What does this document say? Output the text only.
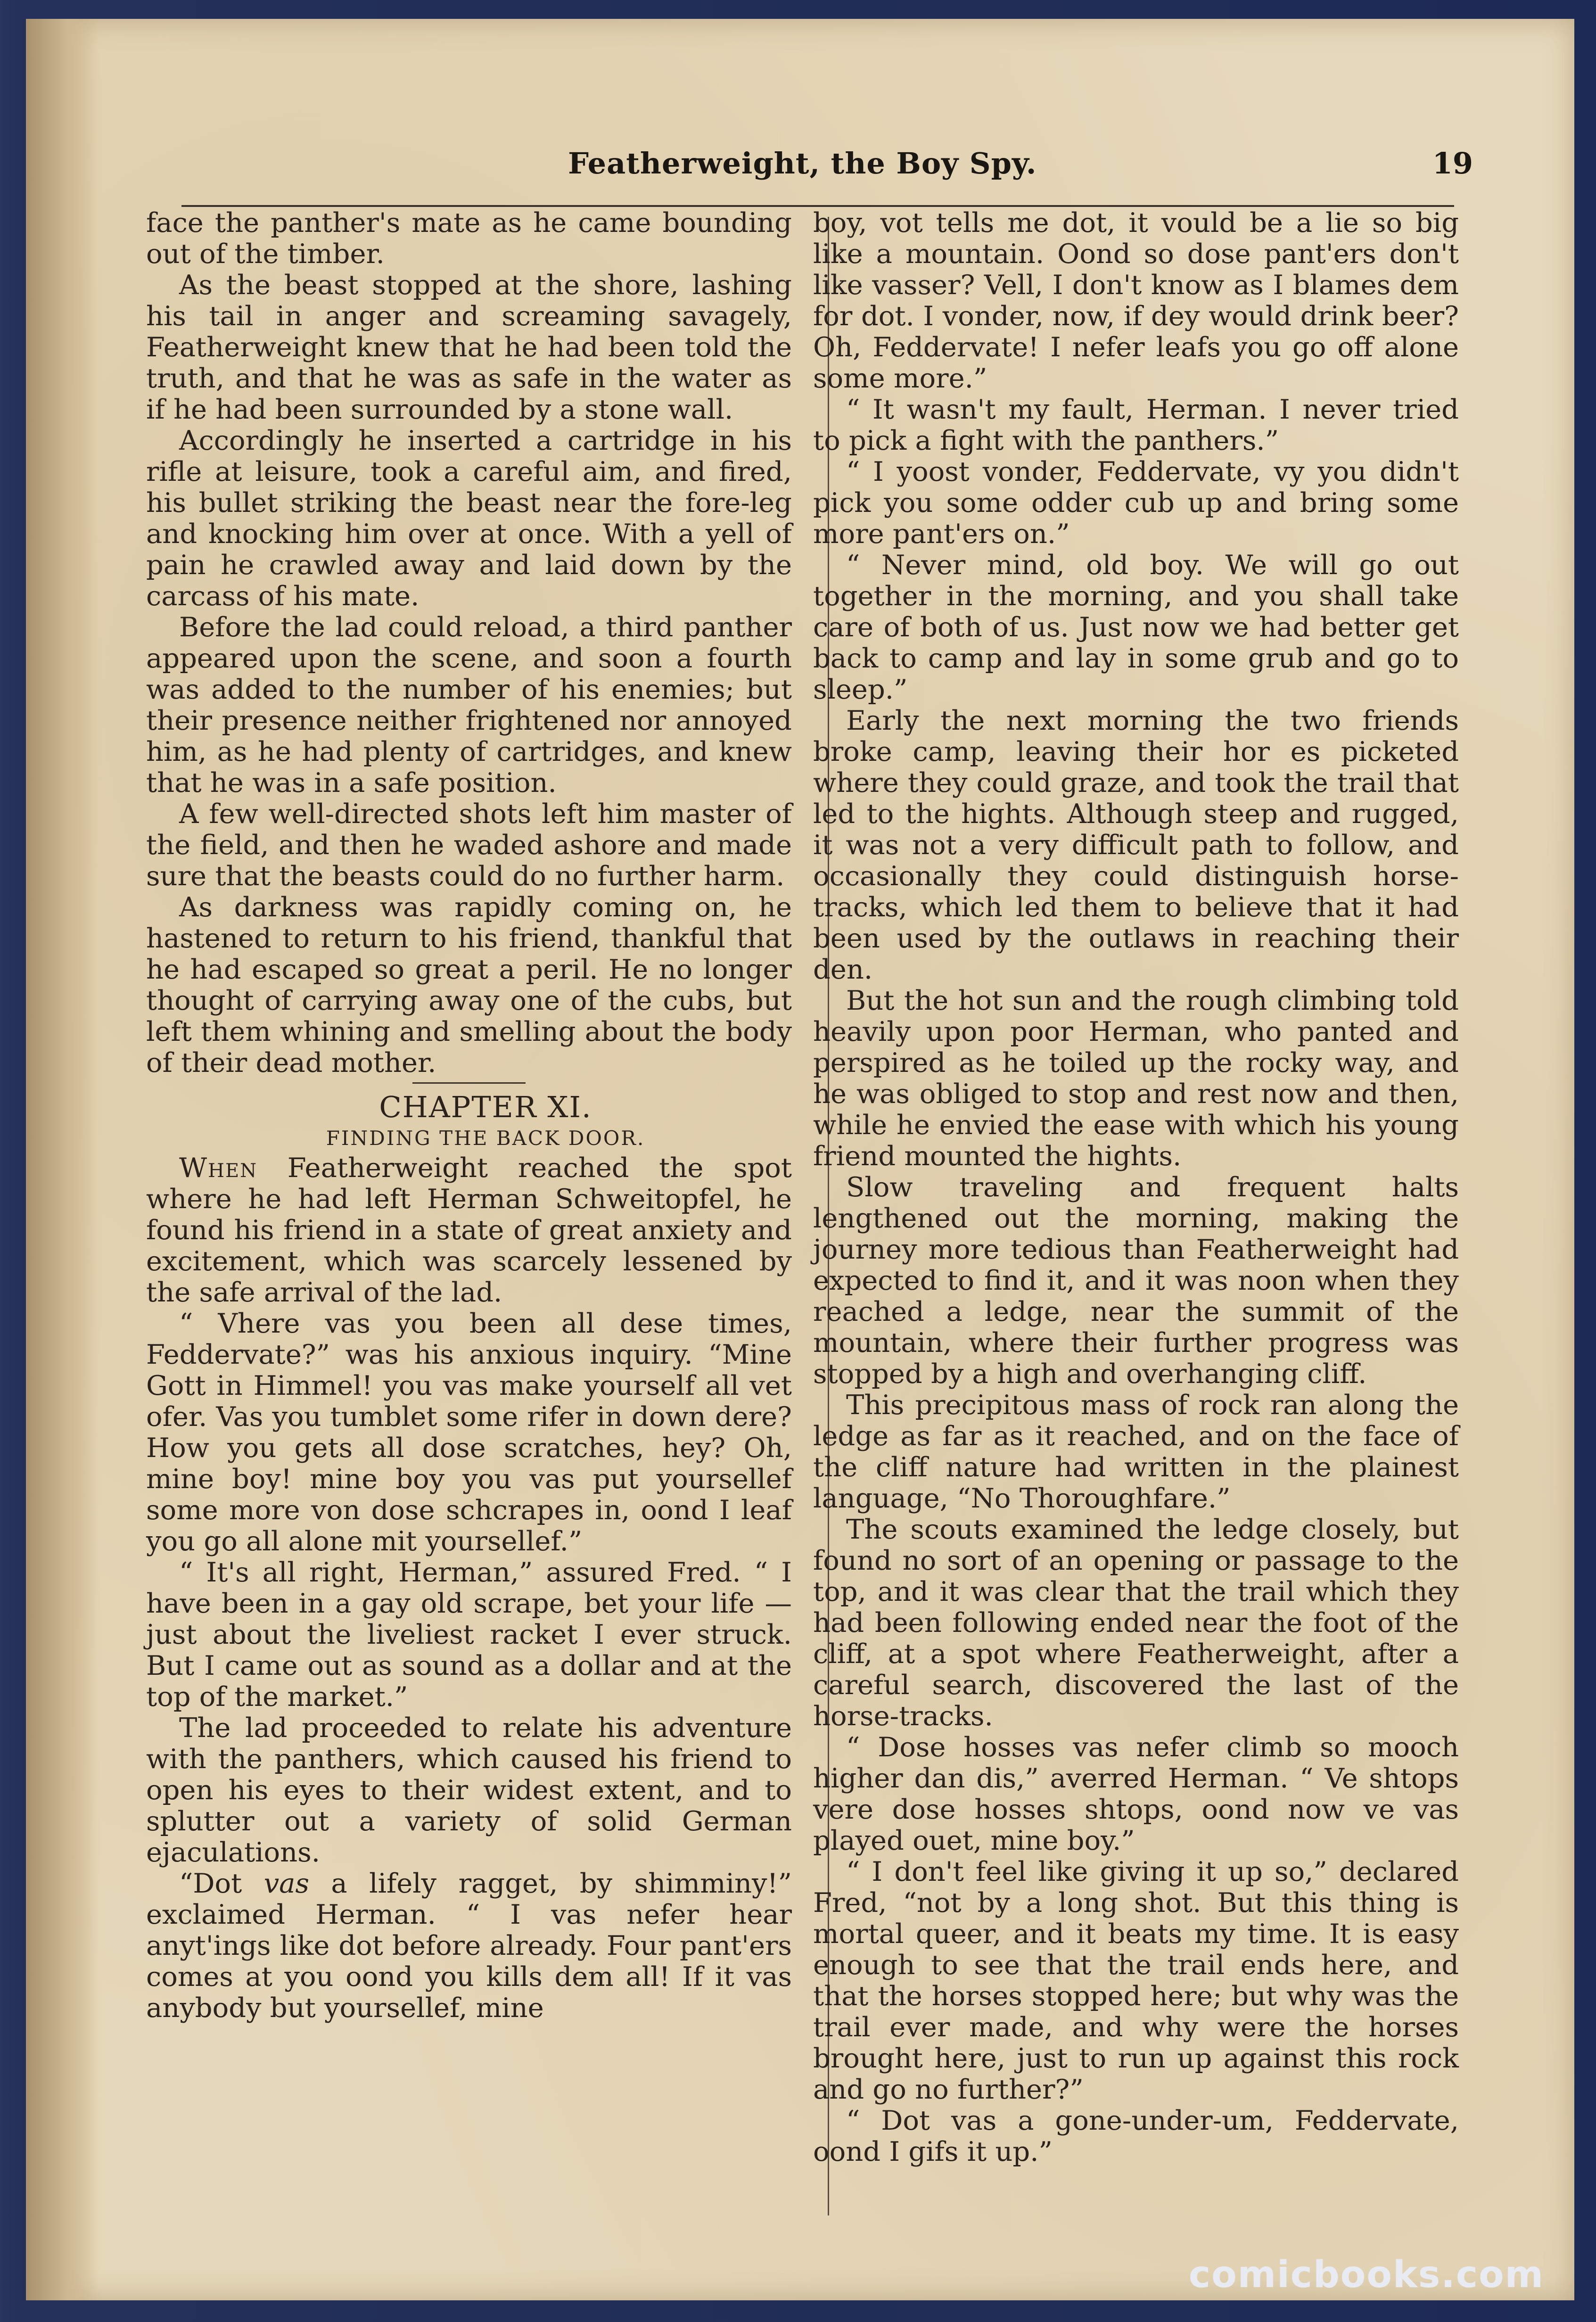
Featherweight, the Boy Spy.	19

face the panther's mate as he came bounding out of the timber.

As the beast stopped at the shore, lashing his tail in anger and screaming savagely, Featherweight knew that he had been told the truth, and that he was as safe in the water as if he had been surrounded by a stone wall.

Accordingly he inserted a cartridge in his rifle at leisure, took a careful aim, and fired, his bullet striking the beast near the fore-leg and knocking him over at once. With a yell of pain he crawled away and laid down by the carcass of his mate.

Before the lad could reload, a third panther appeared upon the scene, and soon a fourth was added to the number of his enemies; but their presence neither frightened nor annoyed him, as he had plenty of cartridges, and knew that he was in a safe position.

A few well-directed shots left him master of the field, and then he waded ashore and made sure that the beasts could do no further harm.

As darkness was rapidly coming on, he hastened to return to his friend, thankful that he had escaped so great a peril. He no longer thought of carrying away one of the cubs, but left them whining and smelling about the body of their dead mother.

CHAPTER XI.

FINDING THE BACK DOOR.

When Featherweight reached the spot where he had left Herman Schweitopfel, he found his friend in a state of great anxiety and excitement, which was scarcely lessened by the safe arrival of the lad.

“ Vhere vas you been all dese times, Feddervate?” was his anxious inquiry. “Mine Gott in Himmel! you vas make yourself all vet ofer. Vas you tumblet some rifer in down dere? How you gets all dose scratches, hey? Oh, mine boy! mine boy you vas put yoursellef some more von dose schcrapes in, oond I leaf you go all alone mit yoursellef.”

“ It's all right, Herman,” assured Fred. “ I have been in a gay old scrape, bet your life —just about the liveliest racket I ever struck. But I came out as sound as a dollar and at the top of the market.”

The lad proceeded to relate his adventure with the panthers, which caused his friend to open his eyes to their widest extent, and to splutter out a variety of solid German ejaculations.

“Dot vas a lifely ragget, by shimminy!” exclaimed Herman. “ I vas nefer hear anyt'ings like dot before already. Four pant'ers comes at you oond you kills dem all! If it vas anybody but yoursellef, mine

boy, vot tells me dot, it vould be a lie so big like a mountain. Oond so dose pant'ers don't like vasser? Vell, I don't know as I blames dem for dot. I vonder, now, if dey would drink beer? Oh, Feddervate! I nefer leafs you go off alone some more.”

“ It wasn't my fault, Herman. I never tried to pick a fight with the panthers.”

“ I yoost vonder, Feddervate, vy you didn't pick you some odder cub up and bring some more pant'ers on.”

“ Never mind, old boy. We will go out together in the morning, and you shall take care of both of us. Just now we had better get back to camp and lay in some grub and go to sleep.”

Early the next morning the two friends broke camp, leaving their hor es picketed where they could graze, and took the trail that led to the hights. Although steep and rugged, it was not a very difficult path to follow, and occasionally they could distinguish horse-tracks, which led them to believe that it had been used by the outlaws in reaching their den.

But the hot sun and the rough climbing told heavily upon poor Herman, who panted and perspired as he toiled up the rocky way, and he was obliged to stop and rest now and then, while he envied the ease with which his young friend mounted the hights.

Slow traveling and frequent halts lengthened out the morning, making the journey more tedious than Featherweight had expected to find it, and it was noon when they reached a ledge, near the summit of the mountain, where their further progress was stopped by a high and overhanging cliff.

This precipitous mass of rock ran along the ledge as far as it reached, and on the face of the cliff nature had written in the plainest language, “No Thoroughfare.”

The scouts examined the ledge closely, but found no sort of an opening or passage to the top, and it was clear that the trail which they had been following ended near the foot of the cliff, at a spot where Featherweight, after a careful search, discovered the last of the horse-tracks.

“ Dose hosses vas nefer climb so mooch higher dan dis,” averred Herman. “ Ve shtops vere dose hosses shtops, oond now ve vas played ouet, mine boy.”

“ I don't feel like giving it up so,” declared Fred, “not by a long shot. But this thing is mortal queer, and it beats my time. It is easy enough to see that the trail ends here, and that the horses stopped here; but why was the trail ever made, and why were the horses brought here, just to run up against this rock and go no further?”

“ Dot vas a gone-under-um, Feddervate, oond I gifs it up.”

comicbooks.com
